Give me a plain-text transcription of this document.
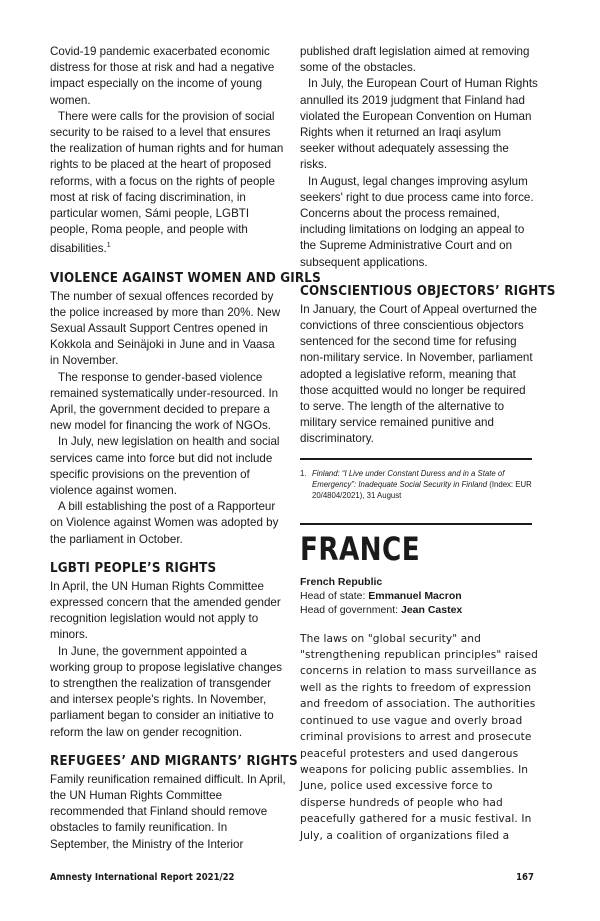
Covid-19 pandemic exacerbated economic distress for those at risk and had a negative impact especially on the income of young women.

There were calls for the provision of social security to be raised to a level that ensures the realization of human rights and for human rights to be placed at the heart of proposed reforms, with a focus on the rights of people most at risk of facing discrimination, in particular women, Sámi people, LGBTI people, Roma people, and people with disabilities.$^1$

VIOLENCE AGAINST WOMEN AND GIRLS

The number of sexual offences recorded by the police increased by more than 20%. New Sexual Assault Support Centres opened in Kokkola and Seinäjoki in June and in Vaasa in November.

The response to gender-based violence remained systematically under-resourced. In April, the government decided to prepare a new model for financing the work of NGOs.

In July, new legislation on health and social services came into force but did not include specific provisions on the prevention of violence against women.

A bill establishing the post of a Rapporteur on Violence against Women was adopted by the parliament in October.

LGBTI PEOPLE’S RIGHTS

In April, the UN Human Rights Committee expressed concern that the amended gender recognition legislation would not apply to minors.

In June, the government appointed a working group to propose legislative changes to strengthen the realization of transgender and intersex people's rights. In November, parliament began to consider an initiative to reform the law on gender recognition.

REFUGEES’ AND MIGRANTS’ RIGHTS

Family reunification remained difficult. In April, the UN Human Rights Committee recommended that Finland should remove obstacles to family reunification. In September, the Ministry of the Interior

published draft legislation aimed at removing some of the obstacles.

In July, the European Court of Human Rights annulled its 2019 judgment that Finland had violated the European Convention on Human Rights when it returned an Iraqi asylum seeker without adequately assessing the risks.

In August, legal changes improving asylum seekers' right to due process came into force. Concerns about the process remained, including limitations on lodging an appeal to the Supreme Administrative Court and on subsequent applications.

CONSCIENTIOUS OBJECTORS’ RIGHTS

In January, the Court of Appeal overturned the convictions of three conscientious objectors sentenced for the second time for refusing non-military service. In November, parliament adopted a legislative reform, meaning that those acquitted would no longer be required to serve. The length of the alternative to military service remained punitive and discriminatory.

1. Finland: “I Live under Constant Duress and in a State of Emergency”: Inadequate Social Security in Finland (Index: EUR 20/4804/2021), 31 August
FRANCE
French Republic
Head of state: Emmanuel Macron
Head of government: Jean Castex

The laws on "global security" and "strengthening republican principles" raised concerns in relation to mass surveillance as well as the rights to freedom of expression and freedom of association. The authorities continued to use vague and overly broad criminal provisions to arrest and prosecute peaceful protesters and used dangerous weapons for policing public assemblies. In June, police used excessive force to disperse hundreds of people who had peacefully gathered for a music festival. In July, a coalition of organizations filed a

Amnesty International Report 2021/22	167
